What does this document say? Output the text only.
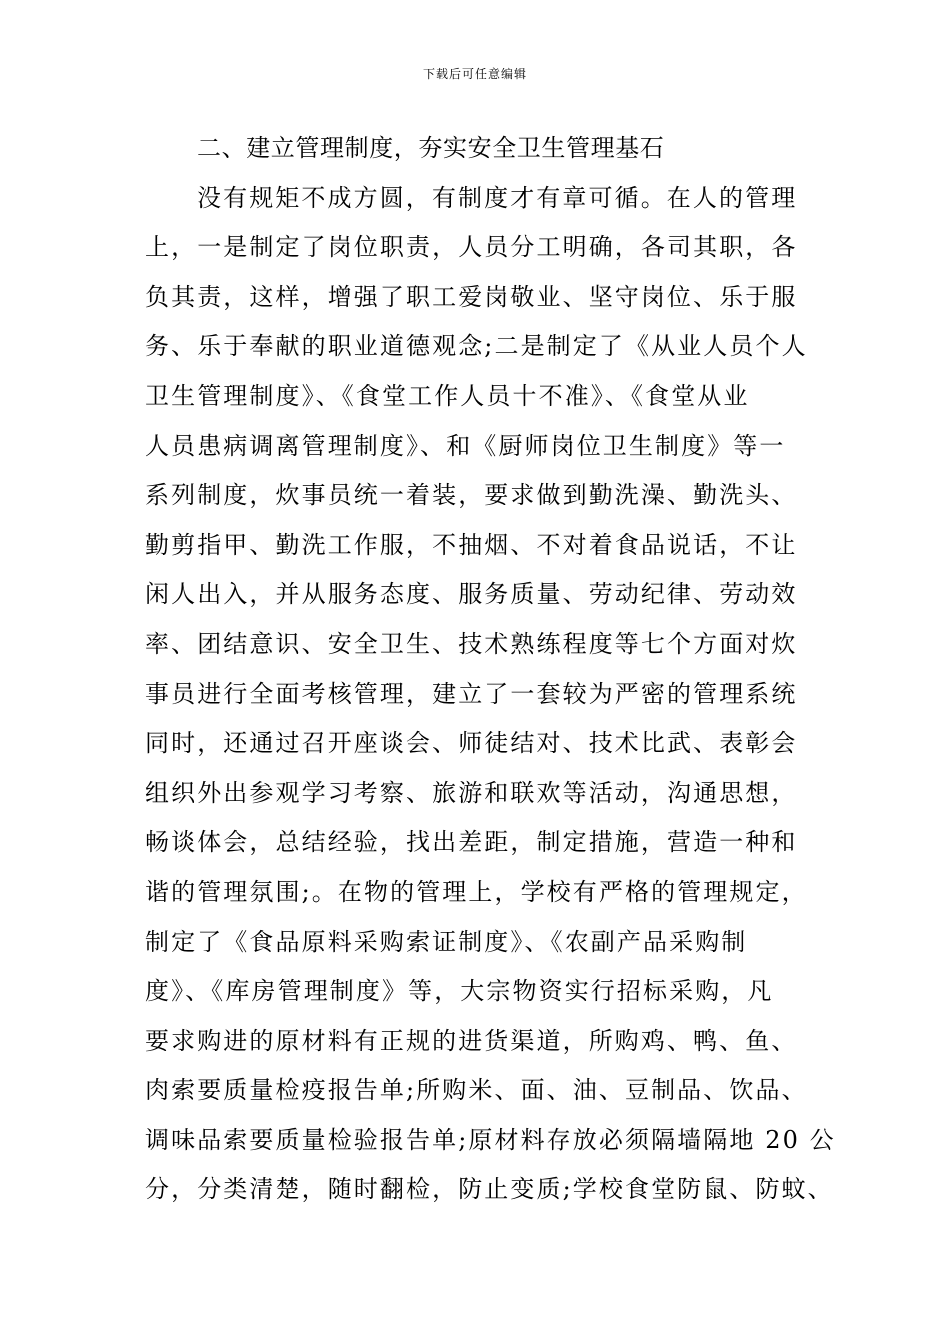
下载后可任意编辑
二、建立管理制度，夯实安全卫生管理基石
没有规矩不成方圆，有制度才有章可循。在人的管理
上，一是制定了岗位职责，人员分工明确，各司其职，各
负其责，这样，增强了职工爱岗敬业、坚守岗位、乐于服
务、乐于奉献的职业道德观念;二是制定了《从业人员个人
卫生管理制度》、《食堂工作人员十不准》、《食堂从业
人员患病调离管理制度》、和《厨师岗位卫生制度》等一
系列制度，炊事员统一着装，要求做到勤洗澡、勤洗头、
勤剪指甲、勤洗工作服，不抽烟、不对着食品说话，不让
闲人出入，并从服务态度、服务质量、劳动纪律、劳动效
率、团结意识、安全卫生、技术熟练程度等七个方面对炊
事员进行全面考核管理，建立了一套较为严密的管理系统
同时，还通过召开座谈会、师徒结对、技术比武、表彰会
组织外出参观学习考察、旅游和联欢等活动，沟通思想，
畅谈体会，总结经验，找出差距，制定措施，营造一种和
谐的管理氛围;。在物的管理上，学校有严格的管理规定，
制定了《食品原料采购索证制度》、《农副产品采购制
度》、《库房管理制度》等，大宗物资实行招标采购，凡
要求购进的原材料有正规的进货渠道，所购鸡、鸭、鱼、
肉索要质量检疫报告单;所购米、面、油、豆制品、饮品、
调味品索要质量检验报告单;原材料存放必须隔墙隔地 20 公
分，分类清楚，随时翻检，防止变质;学校食堂防鼠、防蚊、
